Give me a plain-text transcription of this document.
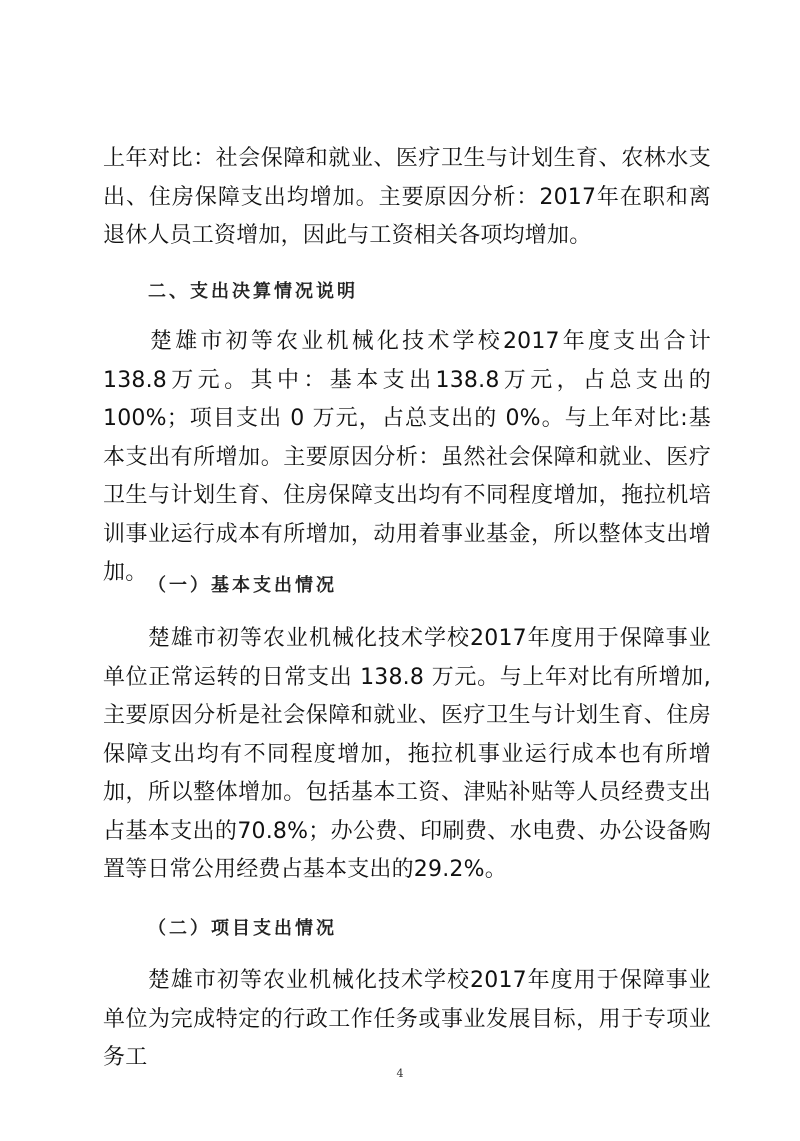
上年对比：社会保障和就业、医疗卫生与计划生育、农林水支出、住房保障支出均增加。主要原因分析：2017年在职和离退休人员工资增加，因此与工资相关各项均增加。

二、支出决算情况说明

楚雄市初等农业机械化技术学校2017年度支出合计138.8万元。其中：基本支出138.8万元，占总支出的100%；项目支出 0 万元，占总支出的 0%。与上年对比:基本支出有所增加。主要原因分析：虽然社会保障和就业、医疗卫生与计划生育、住房保障支出均有不同程度增加，拖拉机培训事业运行成本有所增加，动用着事业基金，所以整体支出增加。

（一）基本支出情况

楚雄市初等农业机械化技术学校2017年度用于保障事业单位正常运转的日常支出 138.8 万元。与上年对比有所增加,主要原因分析是社会保障和就业、医疗卫生与计划生育、住房保障支出均有不同程度增加，拖拉机事业运行成本也有所增加，所以整体增加。包括基本工资、津贴补贴等人员经费支出占基本支出的70.8%；办公费、印刷费、水电费、办公设备购置等日常公用经费占基本支出的29.2%。

（二）项目支出情况

楚雄市初等农业机械化技术学校2017年度用于保障事业单位为完成特定的行政工作任务或事业发展目标，用于专项业务工

4
